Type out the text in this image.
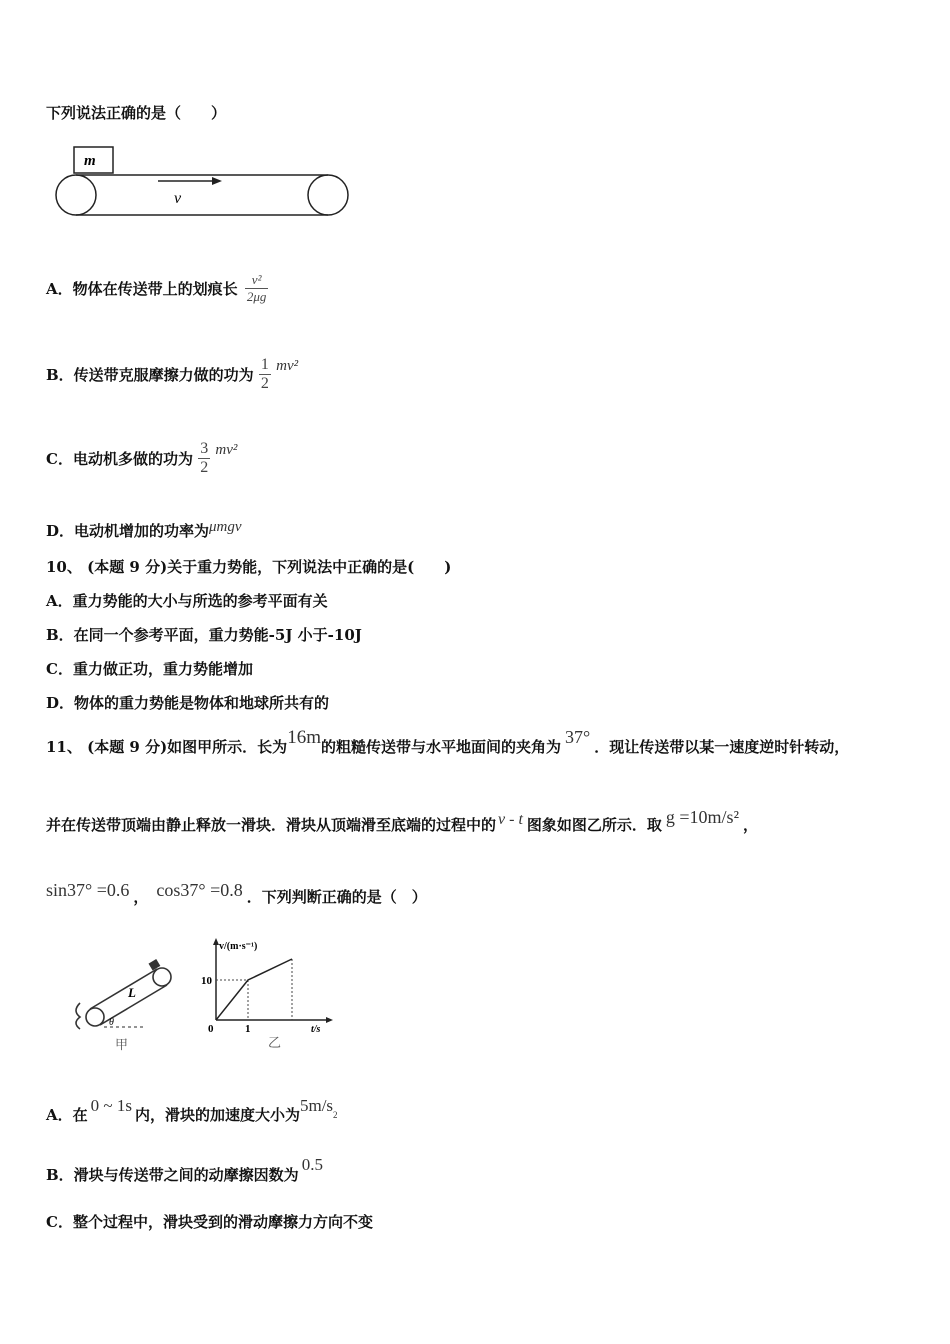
下列说法正确的是（　　）
m
v
A．物体在传送带上的划痕长 $\frac{\text{v²}}{2\mu g}$
B．传送带克服摩擦力做的功为 $\frac{1}{2} mv^2$
C．电动机多做的功为 $\frac{3}{2} mv^2$
D．电动机增加的功率为μmgv
10、 (本题 9 分)关于重力势能，下列说法中正确的是(　　)
A．重力势能的大小与所选的参考平面有关
B．在同一个参考平面，重力势能-5J 小于-10J
C．重力做正功，重力势能增加
D．物体的重力势能是物体和地球所共有的
11、 (本题 9 分)如图甲所示．长为16m的粗糙传送带与水平地面间的夹角为 37° ．现让传送带以某一速度逆时针转动，
并在传送带顶端由静止释放一滑块．滑块从顶端滑至底端的过程中的 v - t 图象如图乙所示．取 g =10m/s² ，
sin37° =0.6 ， cos37° =0.8 ．下列判断正确的是（　）
L
θ
甲
v/(m·s⁻¹)
t/s
10
0	1
乙
A．在 0 ~ 1s 内，滑块的加速度大小为5m/s2
B．滑块与传送带之间的动摩擦因数为0.5
C．整个过程中，滑块受到的滑动摩擦力方向不变
